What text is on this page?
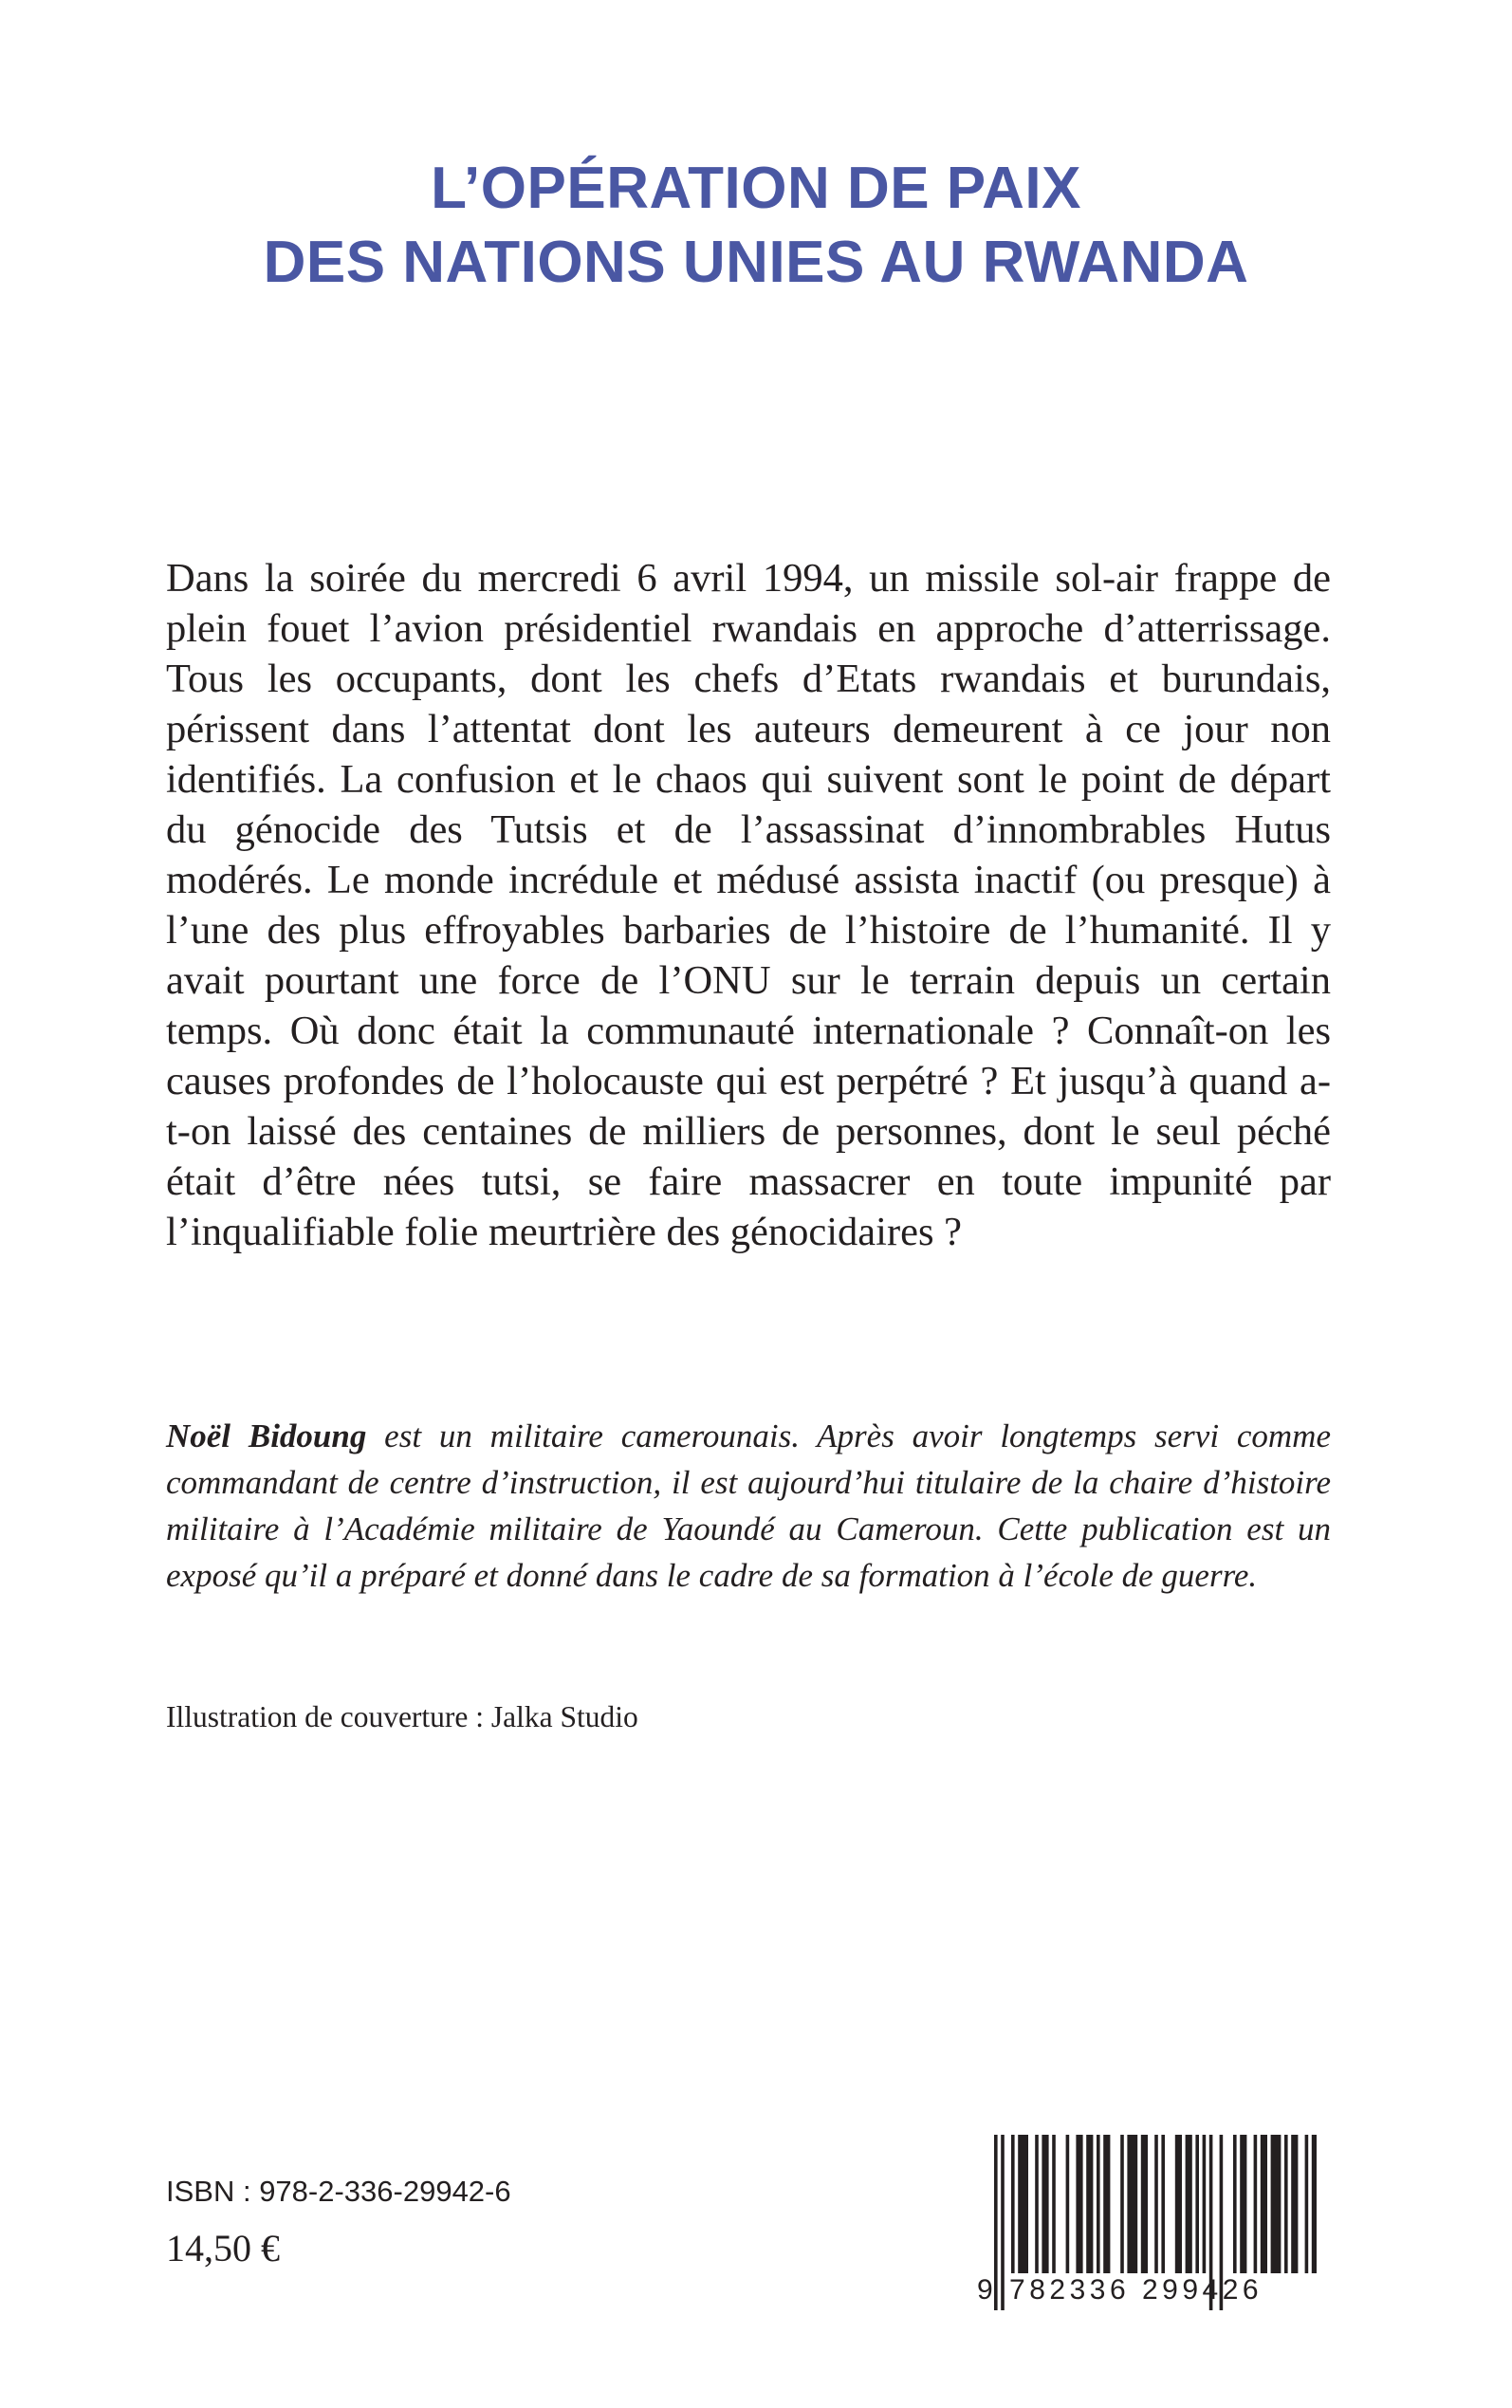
L’OPÉRATION DE PAIX
DES NATIONS UNIES AU RWANDA

Dans la soirée du mercredi 6 avril 1994, un missile sol-air frappe de plein fouet l’avion présidentiel rwandais en approche d’atterrissage. Tous les occupants, dont les chefs d’Etats rwandais et burundais, périssent dans l’attentat dont les auteurs demeurent à ce jour non identifiés. La confusion et le chaos qui suivent sont le point de départ du génocide des Tutsis et de l’assassinat d’innombrables Hutus modérés. Le monde incrédule et médusé assista inactif (ou presque) à l’une des plus effroyables barbaries de l’histoire de l’humanité. Il y avait pourtant une force de l’ONU sur le terrain depuis un certain temps. Où donc était la communauté internationale ? Connaît-on les causes profondes de l’holocauste qui est perpétré ? Et jusqu’à quand a-t-on laissé des centaines de milliers de personnes, dont le seul péché était d’être nées tutsi, se faire massacrer en toute impunité par l’inqualifiable folie meurtrière des génocidaires ?

Noël Bidoung est un militaire camerounais. Après avoir longtemps servi comme commandant de centre d’instruction, il est aujourd’hui titulaire de la chaire d’histoire militaire à l’Académie militaire de Yaoundé au Cameroun. Cette publication est un exposé qu’il a préparé et donné dans le cadre de sa formation à l’école de guerre.

Illustration de couverture : Jalka Studio
ISBN : 978-2-336-29942-6
14,50 €
9 782336 299426
